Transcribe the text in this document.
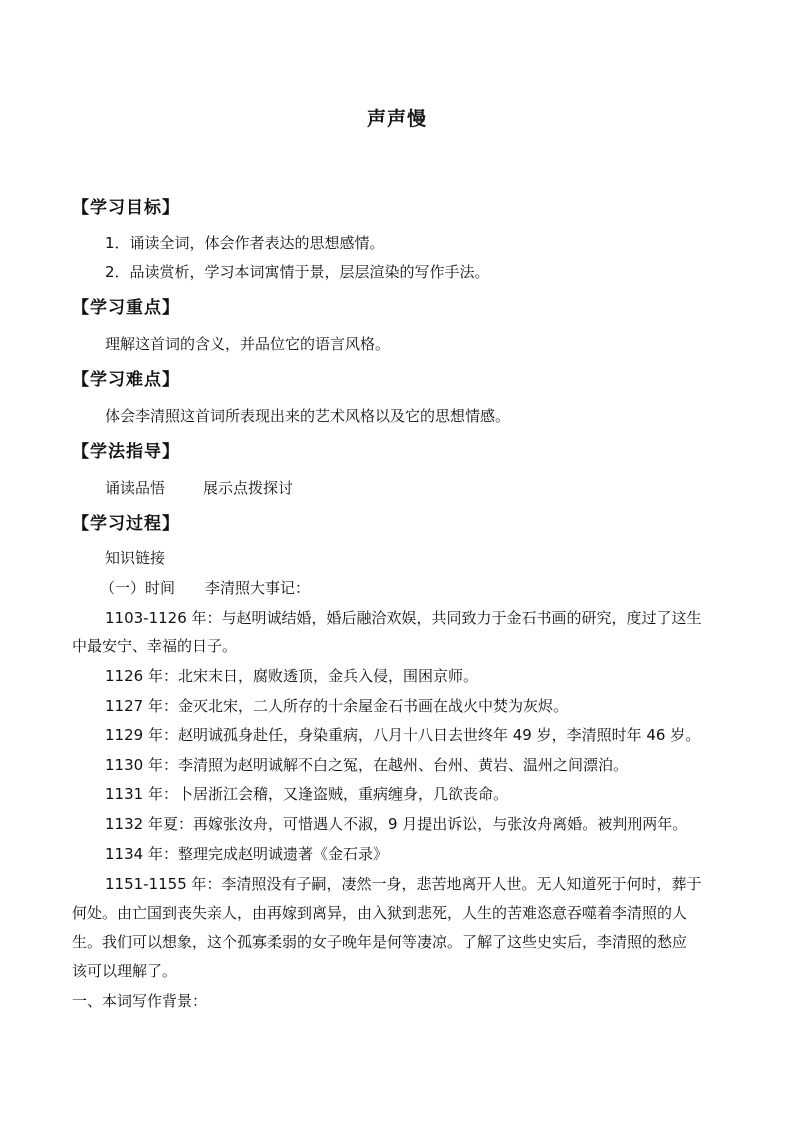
声声慢
【学习目标】
1．诵读全词，体会作者表达的思想感情。
2．品读赏析，学习本词寓情于景，层层渲染的写作手法。
【学习重点】
理解这首词的含义，并品位它的语言风格。
【学习难点】
体会李清照这首词所表现出来的艺术风格以及它的思想情感。
【学法指导】
诵读品悟	展示点拨探讨
【学习过程】
知识链接
（一）时间 李清照大事记：
1103-1126 年：与赵明诚结婚，婚后融洽欢娱，共同致力于金石书画的研究，度过了这生
中最安宁、幸福的日子。
1126 年：北宋末日，腐败透顶，金兵入侵，围困京师。
1127 年：金灭北宋，二人所存的十余屋金石书画在战火中焚为灰烬。
1129 年：赵明诚孤身赴任，身染重病，八月十八日去世终年 49 岁，李清照时年 46 岁。
1130 年：李清照为赵明诚解不白之冤，在越州、台州、黄岩、温州之间漂泊。
1131 年：卜居浙江会稽，又逢盗贼，重病缠身，几欲丧命。
1132 年夏：再嫁张汝舟，可惜遇人不淑，9 月提出诉讼，与张汝舟离婚。被判刑两年。
1134 年：整理完成赵明诚遗著《金石录》
1151-1155 年：李清照没有子嗣，凄然一身，悲苦地离开人世。无人知道死于何时，葬于
何处。由亡国到丧失亲人，由再嫁到离异，由入狱到悲死，人生的苦难恣意吞噬着李清照的人
生。我们可以想象，这个孤寡柔弱的女子晚年是何等凄凉。了解了这些史实后，李清照的愁应
该可以理解了。
一、本词写作背景：
